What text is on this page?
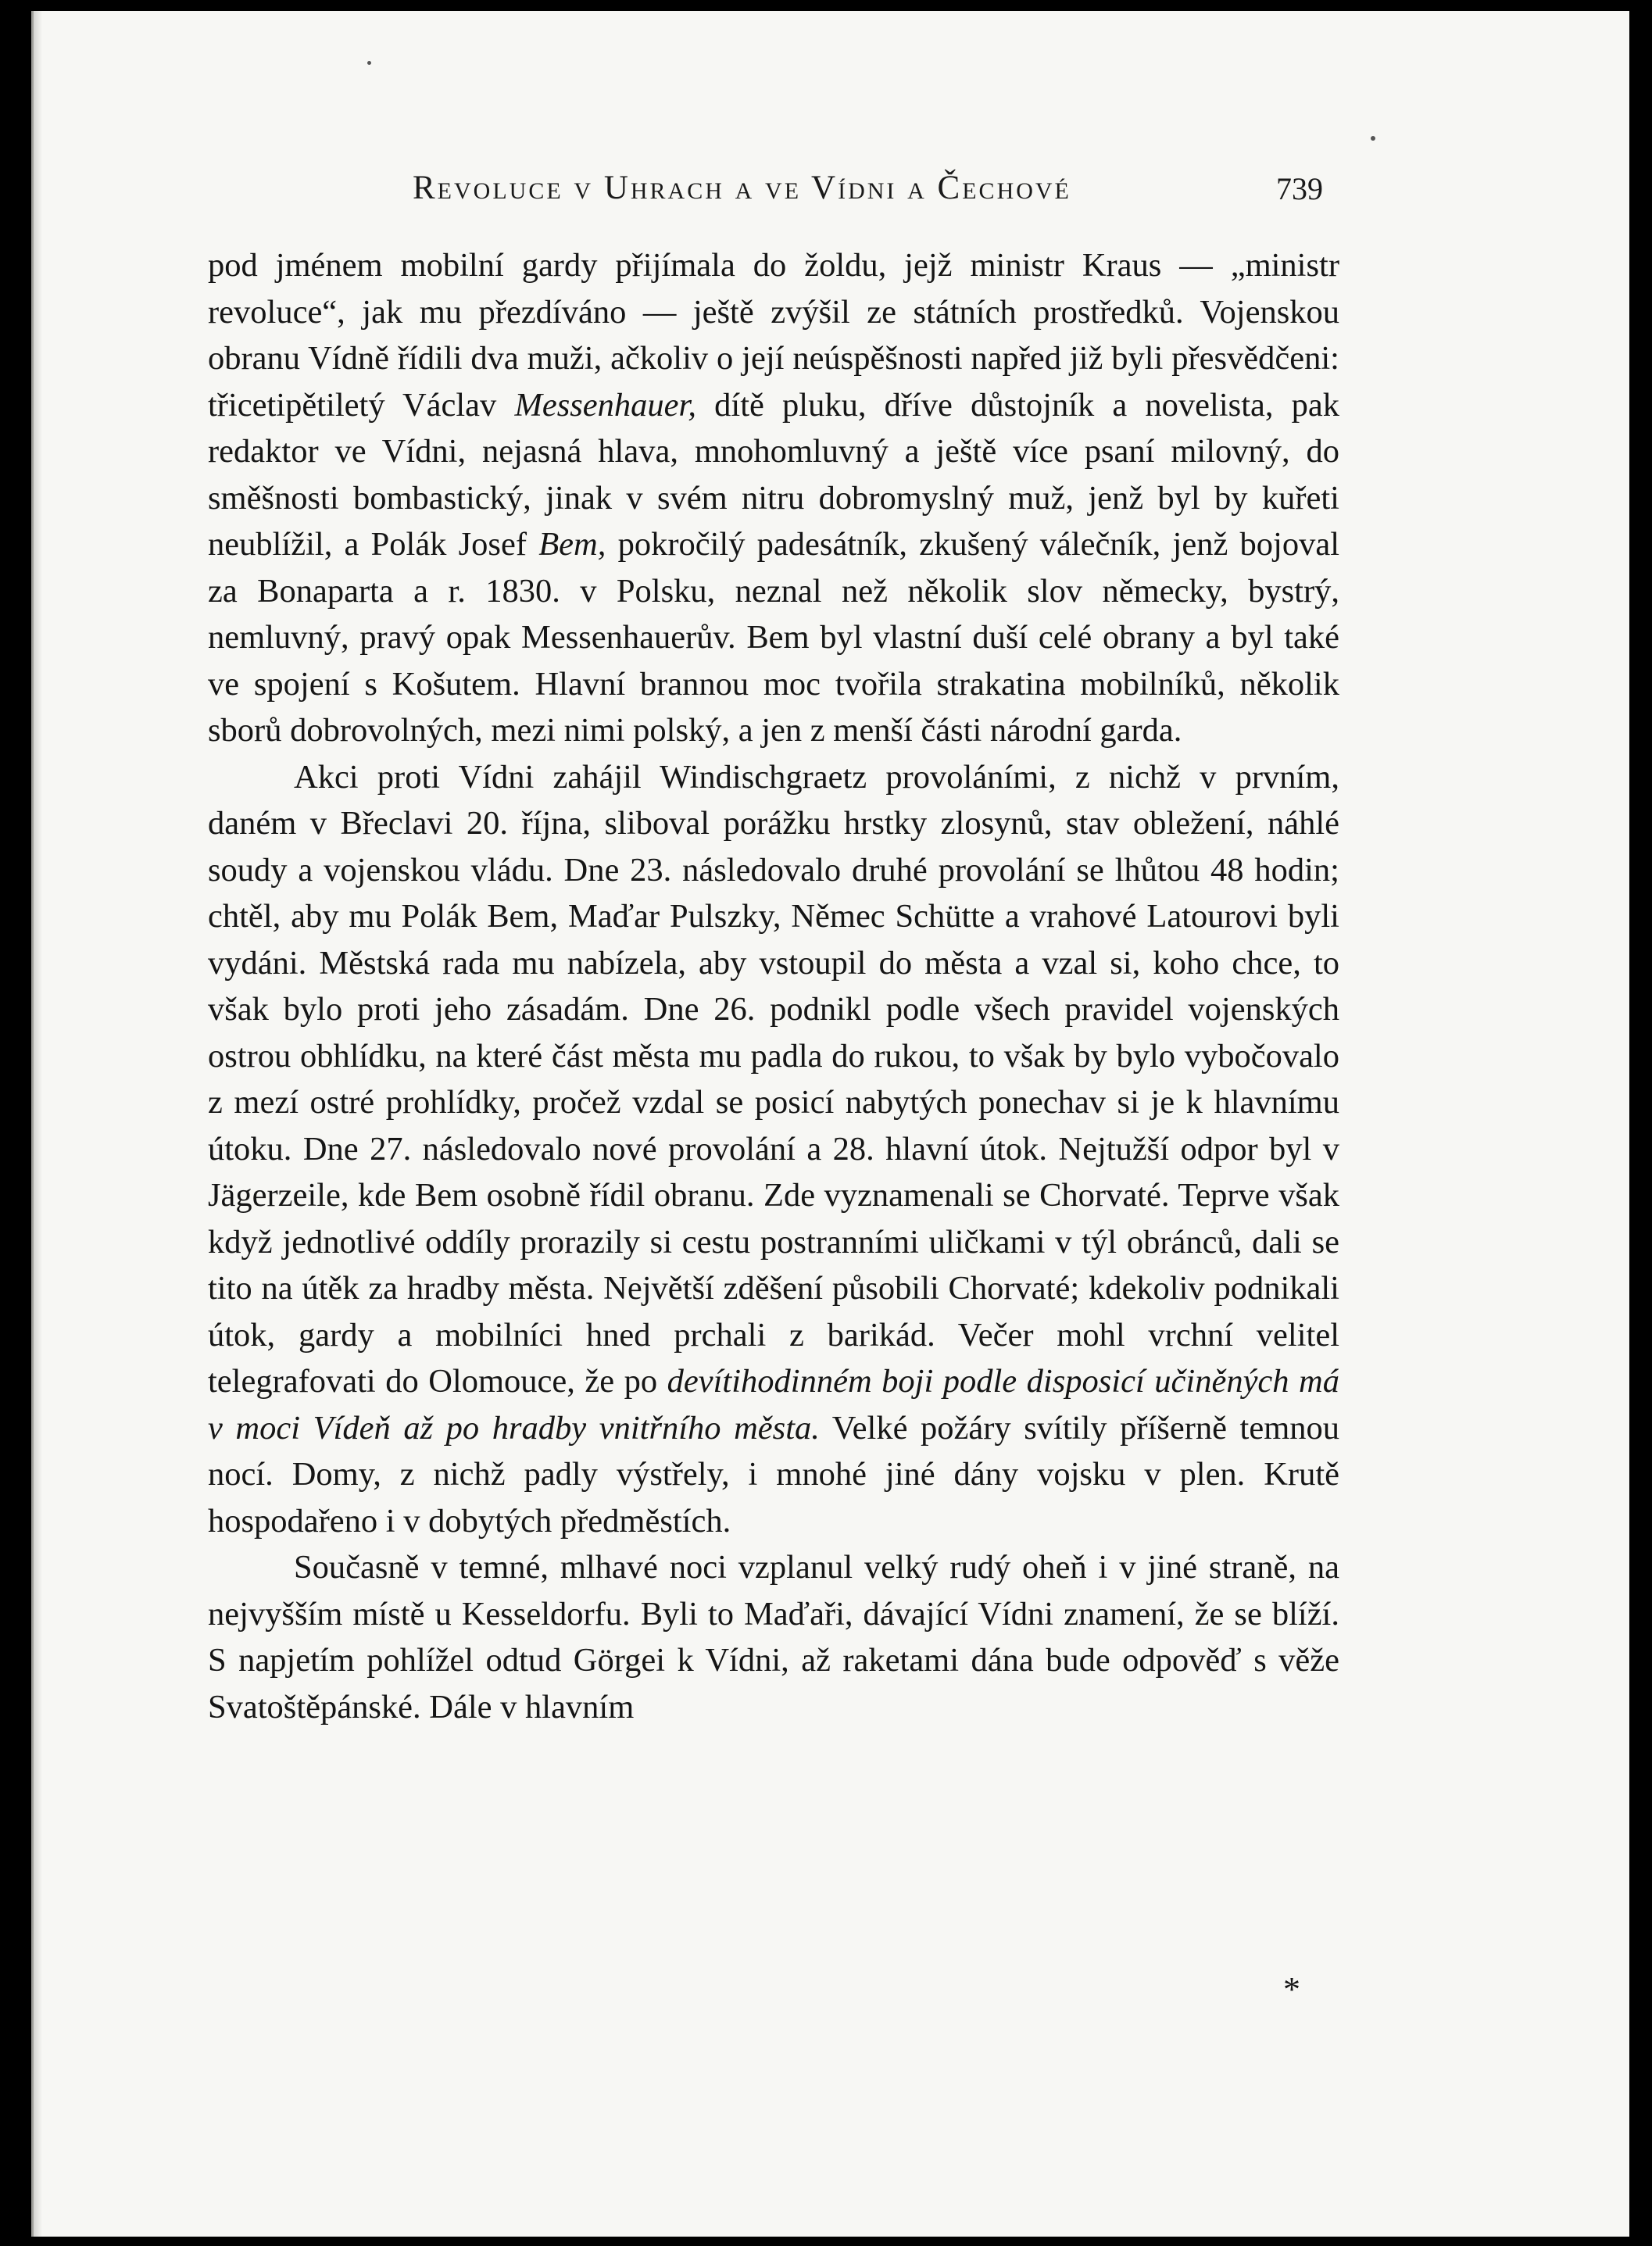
Revoluce v Uhrach a ve Vídni a Čechové	739

pod jménem mobilní gardy přijímala do žoldu, jejž ministr Kraus — „ministr revoluce“, jak mu přezdíváno — ještě zvýšil ze státních prostředků. Vojenskou obranu Vídně řídili dva muži, ačkoliv o její neúspěšnosti napřed již byli přesvědčeni: třicetipětiletý Václav Messenhauer, dítě pluku, dříve důstojník a novelista, pak redaktor ve Vídni, nejasná hlava, mnohomluvný a ještě více psaní milovný, do směšnosti bombastický, jinak v svém nitru dobromyslný muž, jenž byl by kuřeti neublížil, a Polák Josef Bem, pokročilý padesátník, zkušený válečník, jenž bojoval za Bonaparta a r. 1830. v Polsku, neznal než několik slov německy, bystrý, nemluvný, pravý opak Messenhauerův. Bem byl vlastní duší celé obrany a byl také ve spojení s Košutem. Hlavní brannou moc tvořila strakatina mobilníků, několik sborů dobrovolných, mezi nimi polský, a jen z menší části národní garda.

Akci proti Vídni zahájil Windischgraetz provoláními, z nichž v prvním, daném v Břeclavi 20. října, sliboval porážku hrstky zlosynů, stav obležení, náhlé soudy a vojenskou vládu. Dne 23. následovalo druhé provolání se lhůtou 48 hodin; chtěl, aby mu Polák Bem, Maďar Pulszky, Němec Schütte a vrahové Latourovi byli vydáni. Městská rada mu nabízela, aby vstoupil do města a vzal si, koho chce, to však bylo proti jeho zásadám. Dne 26. podnikl podle všech pravidel vojenských ostrou obhlídku, na které část města mu padla do rukou, to však by bylo vybočovalo z mezí ostré prohlídky, pročež vzdal se posicí nabytých ponechav si je k hlavnímu útoku. Dne 27. následovalo nové provolání a 28. hlavní útok. Nejtužší odpor byl v Jägerzeile, kde Bem osobně řídil obranu. Zde vyznamenali se Chorvaté. Teprve však když jednotlivé oddíly prorazily si cestu postranními uličkami v týl obránců, dali se tito na útěk za hradby města. Největší zděšení působili Chorvaté; kdekoliv podnikali útok, gardy a mobilníci hned prchali z barikád. Večer mohl vrchní velitel telegrafovati do Olomouce, že po devítihodinném boji podle disposicí učiněných má v moci Vídeň až po hradby vnitřního města. Velké požáry svítily příšerně temnou nocí. Domy, z nichž padly výstřely, i mnohé jiné dány vojsku v plen. Krutě hospodařeno i v dobytých předměstích.

Současně v temné, mlhavé noci vzplanul velký rudý oheň i v jiné straně, na nejvyšším místě u Kesseldorfu. Byli to Maďaři, dávající Vídni znamení, že se blíží. S napjetím pohlížel odtud Görgei k Vídni, až raketami dána bude odpověď s věže Svatoštěpánské. Dále v hlavním

*
